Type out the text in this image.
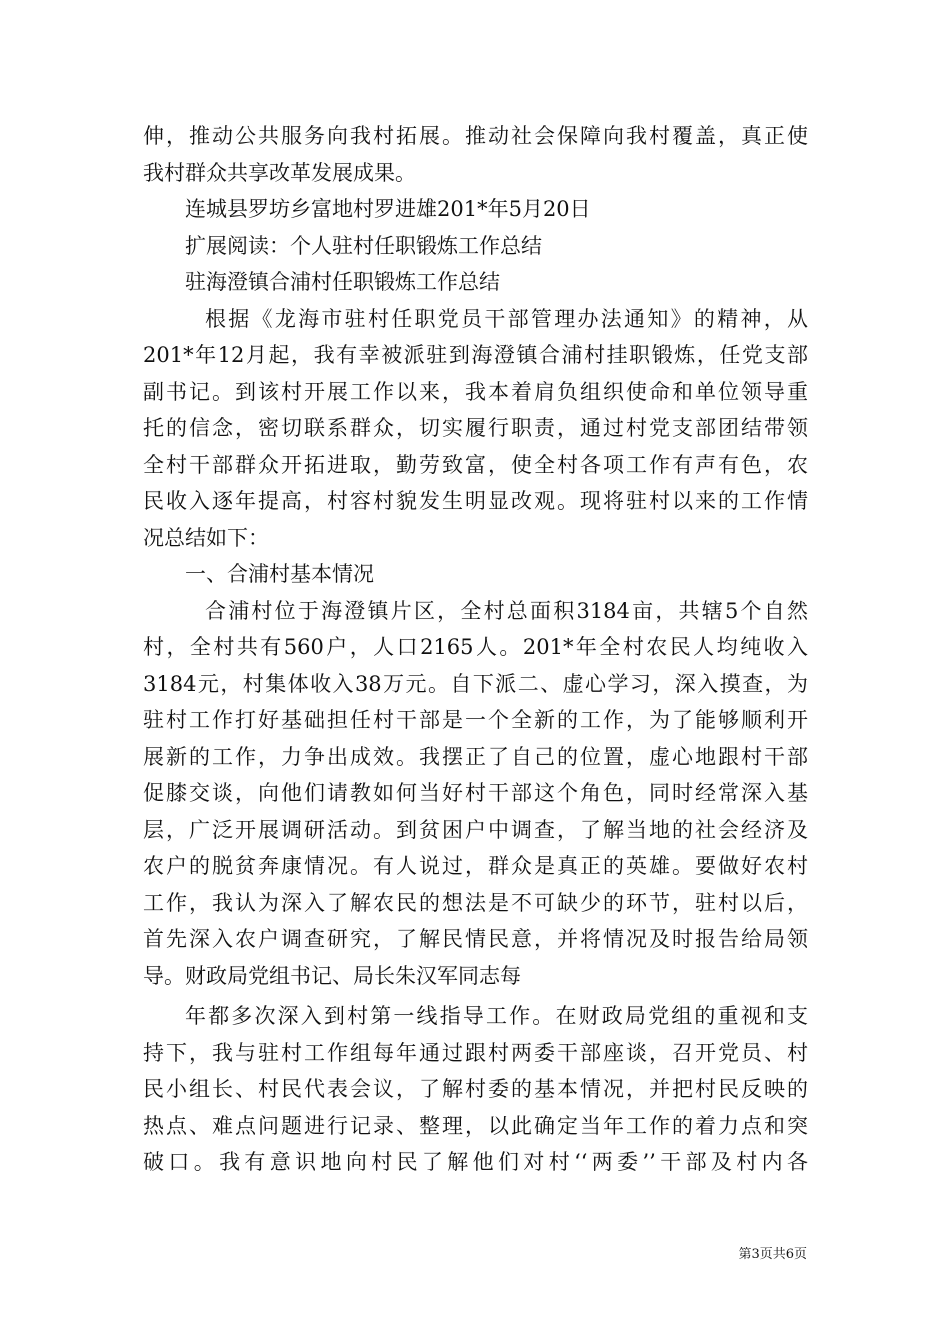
伸，推动公共服务向我村拓展。推动社会保障向我村覆盖，真正使
我村群众共享改革发展成果。
连城县罗坊乡富地村罗进雄201*年5月20日
扩展阅读：个人驻村任职锻炼工作总结
驻海澄镇合浦村任职锻炼工作总结
根据《龙海市驻村任职党员干部管理办法通知》的精神，从
201*年12月起，我有幸被派驻到海澄镇合浦村挂职锻炼，任党支部
副书记。到该村开展工作以来，我本着肩负组织使命和单位领导重
托的信念，密切联系群众，切实履行职责，通过村党支部团结带领
全村干部群众开拓进取，勤劳致富，使全村各项工作有声有色，农
民收入逐年提高，村容村貌发生明显改观。现将驻村以来的工作情
况总结如下：
一、合浦村基本情况
合浦村位于海澄镇片区，全村总面积3184亩，共辖5个自然
村，全村共有560户，人口2165人。201*年全村农民人均纯收入
3184元，村集体收入38万元。自下派二、虚心学习，深入摸查，为
驻村工作打好基础担任村干部是一个全新的工作，为了能够顺利开
展新的工作，力争出成效。我摆正了自己的位置，虚心地跟村干部
促膝交谈，向他们请教如何当好村干部这个角色，同时经常深入基
层，广泛开展调研活动。到贫困户中调查，了解当地的社会经济及
农户的脱贫奔康情况。有人说过，群众是真正的英雄。要做好农村
工作，我认为深入了解农民的想法是不可缺少的环节，驻村以后，
首先深入农户调查研究，了解民情民意，并将情况及时报告给局领
导。财政局党组书记、局长朱汉军同志每
年都多次深入到村第一线指导工作。在财政局党组的重视和支
持下，我与驻村工作组每年通过跟村两委干部座谈，召开党员、村
民小组长、村民代表会议，了解村委的基本情况，并把村民反映的
热点、难点问题进行记录、整理，以此确定当年工作的着力点和突
破口。我有意识地向村民了解他们对村‘‘两委’’干部及村内各
第3页共6页
